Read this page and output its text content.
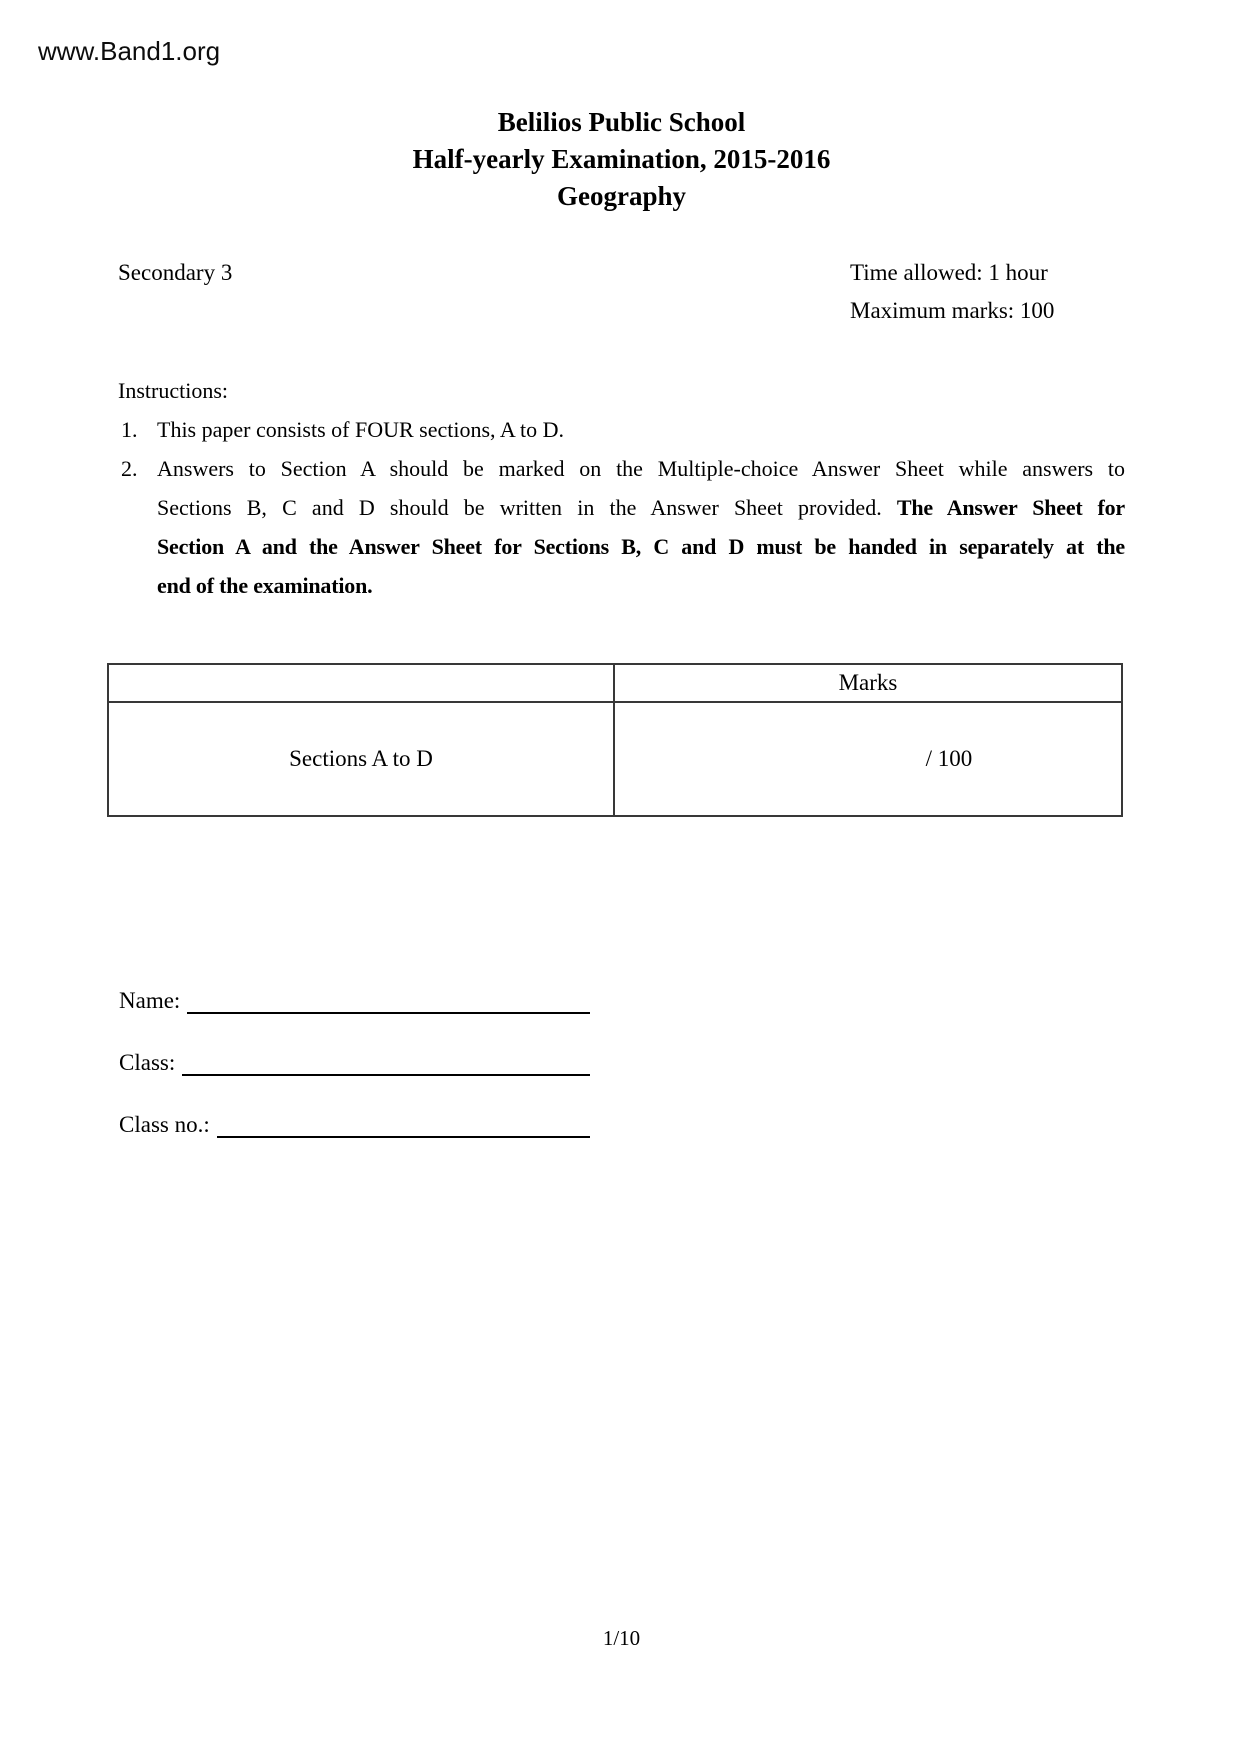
www.Band1.org
Belilios Public School
Half-yearly Examination, 2015-2016
Geography
Secondary 3	Time allowed: 1 hour
Maximum marks: 100
Instructions:
1. This paper consists of FOUR sections, A to D.
2. Answers to Section A should be marked on the Multiple-choice Answer Sheet while answers to
Sections B, C and D should be written in the Answer Sheet provided. The Answer Sheet for
Section A and the Answer Sheet for Sections B, C and D must be handed in separately at the
end of the examination.
Marks
Sections A to D	/ 100
Name:
Class:
Class no.:
1/10
